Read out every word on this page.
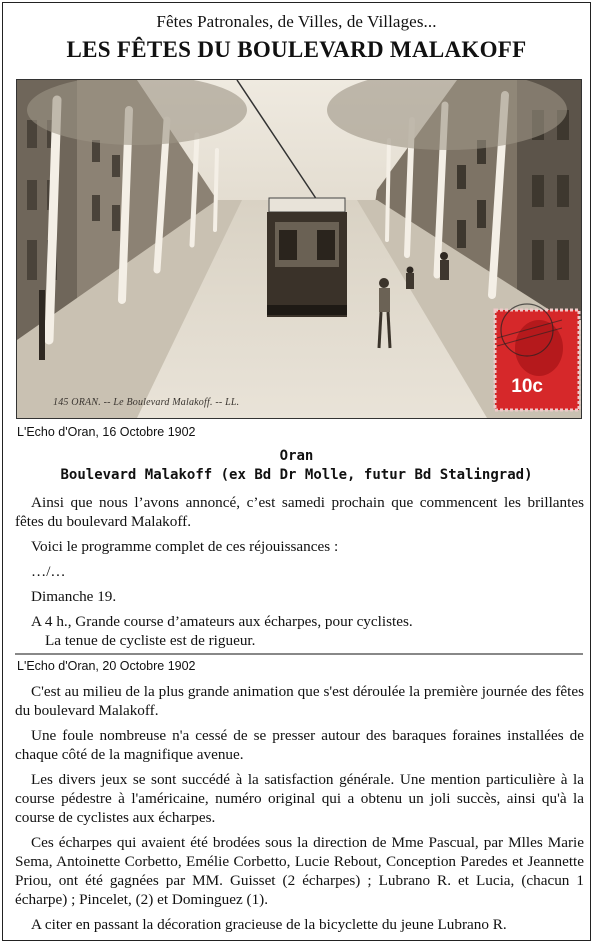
Fêtes Patronales, de Villes, de Villages...
LES FÊTES DU BOULEVARD MALAKOFF
145 ORAN. -- Le Boulevard Malakoff. -- LL.
10c
L'Echo d'Oran, 16 Octobre 1902
Oran
Boulevard Malakoff (ex Bd Dr Molle, futur Bd Stalingrad)

Ainsi que nous l’avons annoncé, c’est samedi prochain que commencent les brillantes fêtes du boulevard Malakoff.

Voici le programme complet de ces réjouissances :

…/…

Dimanche 19.

A 4 h., Grande course d’amateurs aux écharpes, pour cyclistes.

La tenue de cycliste est de rigueur.

L'Echo d'Oran, 20 Octobre 1902

C'est au milieu de la plus grande animation que s'est déroulée la première journée des fêtes du boulevard Malakoff.

Une foule nombreuse n'a cessé de se presser autour des baraques foraines installées de chaque côté de la magnifique avenue.

Les divers jeux se sont succédé à la satisfaction générale. Une mention particulière à la course pédestre à l'américaine, numéro original qui a obtenu un joli succès, ainsi qu'à la course de cyclistes aux écharpes.

Ces écharpes qui avaient été brodées sous la direction de Mme Pascual, par Mlles Marie Sema, Antoinette Corbetto, Emélie Corbetto, Lucie Rebout, Conception Paredes et Jeannette Priou, ont été gagnées par MM. Guisset (2 écharpes) ; Lubrano R. et Lucia, (chacun 1 écharpe) ; Pincelet, (2) et Dominguez (1).

A citer en passant la décoration gracieuse de la bicyclette du jeune Lubrano R.
